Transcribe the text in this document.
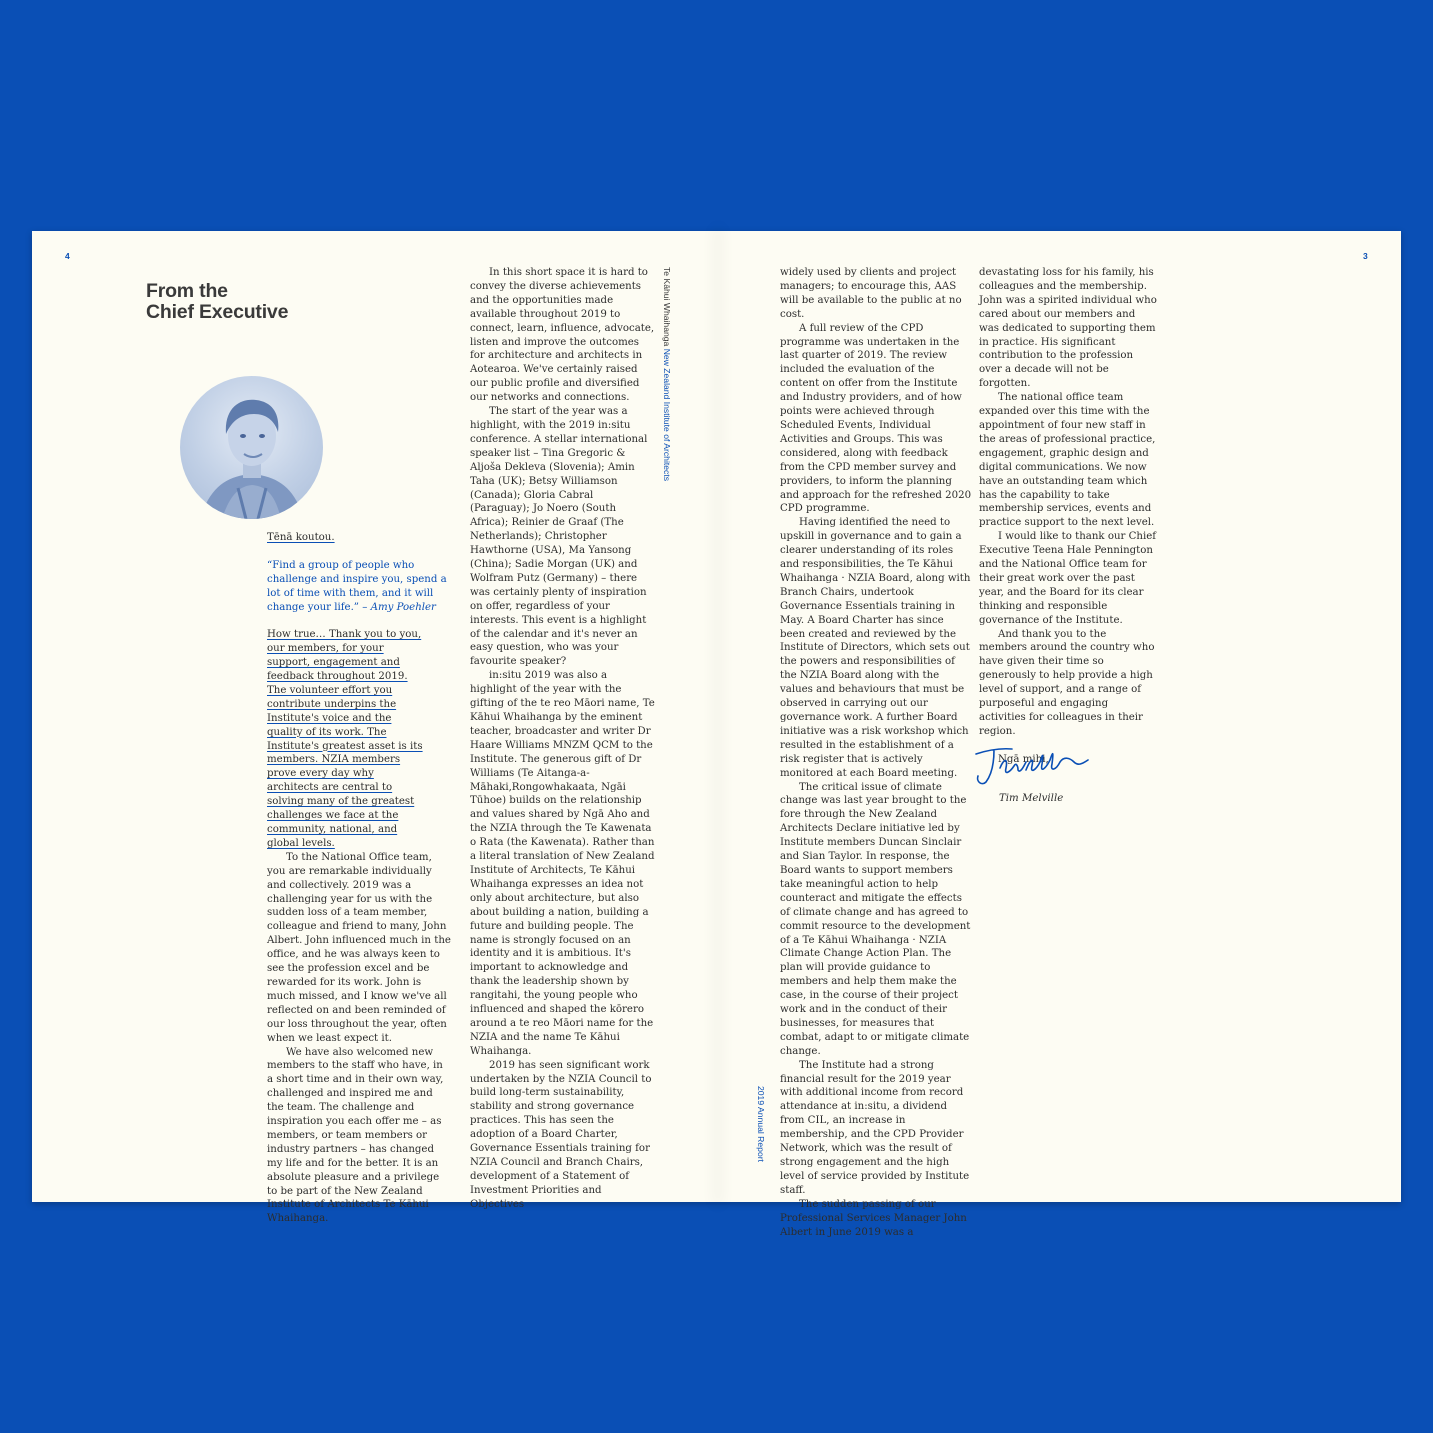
4	3
From the
Chief Executive

Tēnā koutou.

“Find a group of people who challenge and inspire you, spend a lot of time with them, and it will change your life.” – Amy Poehler

How true… Thank you to you, our members, for your support, engagement and feedback throughout 2019. The volunteer effort you contribute underpins the Institute's voice and the quality of its work. The Institute's greatest asset is its members. NZIA members prove every day why architects are central to solving many of the greatest challenges we face at the community, national, and global levels.

To the National Office team, you are remarkable individually and collectively. 2019 was a challenging year for us with the sudden loss of a team member, colleague and friend to many, John Albert. John influenced much in the office, and he was always keen to see the profession excel and be rewarded for its work. John is much missed, and I know we've all reflected on and been reminded of our loss throughout the year, often when we least expect it.

We have also welcomed new members to the staff who have, in a short time and in their own way, challenged and inspired me and the team. The challenge and inspiration you each offer me – as members, or team members or industry partners – has changed my life and for the better. It is an absolute pleasure and a privilege to be part of the New Zealand Institute of Architects Te Kāhui Whaihanga.

In this short space it is hard to convey the diverse achievements and the opportunities made available throughout 2019 to connect, learn, influence, advocate, listen and improve the outcomes for architecture and architects in Aotearoa. We've certainly raised our public profile and diversified our networks and connections.

The start of the year was a highlight, with the 2019 in:situ conference. A stellar international speaker list – Tina Gregoric & Aljoša Dekleva (Slovenia); Amin Taha (UK); Betsy Williamson (Canada); Gloria Cabral (Paraguay); Jo Noero (South Africa); Reinier de Graaf (The Netherlands); Christopher Hawthorne (USA), Ma Yansong (China); Sadie Morgan (UK) and Wolfram Putz (Germany) – there was certainly plenty of inspiration on offer, regardless of your interests. This event is a highlight of the calendar and it's never an easy question, who was your favourite speaker?

in:situ 2019 was also a highlight of the year with the gifting of the te reo Māori name, Te Kāhui Whaihanga by the eminent teacher, broadcaster and writer Dr Haare Williams MNZM QCM to the Institute. The generous gift of Dr Williams (Te Aitanga-a-Māhaki,Rongowhakaata, Ngāi Tūhoe) builds on the relationship and values shared by Ngā Aho and the NZIA through the Te Kawenata o Rata (the Kawenata). Rather than a literal translation of New Zealand Institute of Architects, Te Kāhui Whaihanga expresses an idea not only about architecture, but also about building a nation, building a future and building people. The name is strongly focused on an identity and it is ambitious. It's important to acknowledge and thank the leadership shown by rangitahi, the young people who influenced and shaped the kōrero around a te reo Māori name for the NZIA and the name Te Kāhui Whaihanga.

2019 has seen significant work undertaken by the NZIA Council to build long-term sustainability, stability and strong governance practices. This has seen the adoption of a Board Charter, Governance Essentials training for NZIA Council and Branch Chairs, development of a Statement of Investment Priorities and Objectives

Te Kāhui Whaihanga New Zealand Institute of Architects
2019 Annual Report

widely used by clients and project managers; to encourage this, AAS will be available to the public at no cost.

A full review of the CPD programme was undertaken in the last quarter of 2019. The review included the evaluation of the content on offer from the Institute and Industry providers, and of how points were achieved through Scheduled Events, Individual Activities and Groups. This was considered, along with feedback from the CPD member survey and providers, to inform the planning and approach for the refreshed 2020 CPD programme.

Having identified the need to upskill in governance and to gain a clearer understanding of its roles and responsibilities, the Te Kāhui Whaihanga · NZIA Board, along with Branch Chairs, undertook Governance Essentials training in May. A Board Charter has since been created and reviewed by the Institute of Directors, which sets out the powers and responsibilities of the NZIA Board along with the values and behaviours that must be observed in carrying out our governance work. A further Board initiative was a risk workshop which resulted in the establishment of a risk register that is actively monitored at each Board meeting.

The critical issue of climate change was last year brought to the fore through the New Zealand Architects Declare initiative led by Institute members Duncan Sinclair and Sian Taylor. In response, the Board wants to support members take meaningful action to help counteract and mitigate the effects of climate change and has agreed to commit resource to the development of a Te Kāhui Whaihanga · NZIA Climate Change Action Plan. The plan will provide guidance to members and help them make the case, in the course of their project work and in the conduct of their businesses, for measures that combat, adapt to or mitigate climate change.

The Institute had a strong financial result for the 2019 year with additional income from record attendance at in:situ, a dividend from CIL, an increase in membership, and the CPD Provider Network, which was the result of strong engagement and the high level of service provided by Institute staff.

The sudden passing of our Professional Services Manager John Albert in June 2019 was a

devastating loss for his family, his colleagues and the membership. John was a spirited individual who cared about our members and was dedicated to supporting them in practice. His significant contribution to the profession over a decade will not be forgotten.

The national office team expanded over this time with the appointment of four new staff in the areas of professional practice, engagement, graphic design and digital communications. We now have an outstanding team which has the capability to take membership services, events and practice support to the next level.

I would like to thank our Chief Executive Teena Hale Pennington and the National Office team for their great work over the past year, and the Board for its clear thinking and responsible governance of the Institute.

And thank you to the members around the country who have given their time so generously to help provide a high level of support, and a range of purposeful and engaging activities for colleagues in their region.

Ngā mihi,

Tim Melville
